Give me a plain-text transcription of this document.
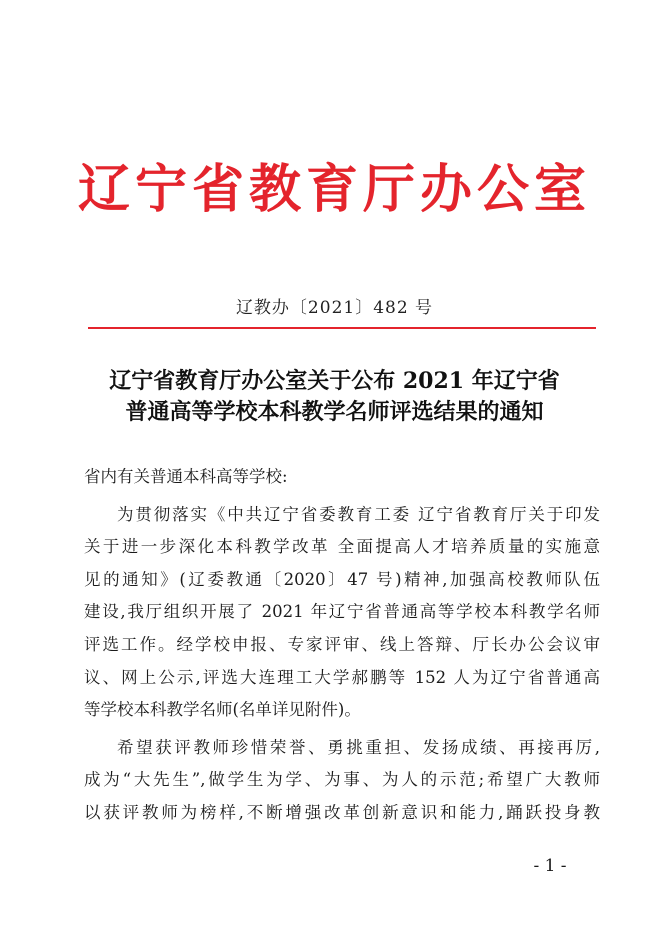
辽宁省教育厅办公室
辽教办〔2021〕482 号
辽宁省教育厅办公室关于公布 2021 年辽宁省
普通高等学校本科教学名师评选结果的通知
省内有关普通本科高等学校:
为贯彻落实《中共辽宁省委教育工委 辽宁省教育厅关于印发
关于进一步深化本科教学改革 全面提高人才培养质量的实施意
见的通知》(辽委教通〔2020〕47 号)精神,加强高校教师队伍
建设,我厅组织开展了 2021 年辽宁省普通高等学校本科教学名师
评选工作。经学校申报、专家评审、线上答辩、厅长办公会议审
议、网上公示,评选大连理工大学郝鹏等 152 人为辽宁省普通高
等学校本科教学名师(名单详见附件)。
希望获评教师珍惜荣誉、勇挑重担、发扬成绩、再接再厉,
成为“大先生”,做学生为学、为事、为人的示范;希望广大教师
以获评教师为榜样,不断增强改革创新意识和能力,踊跃投身教
- 1 -
